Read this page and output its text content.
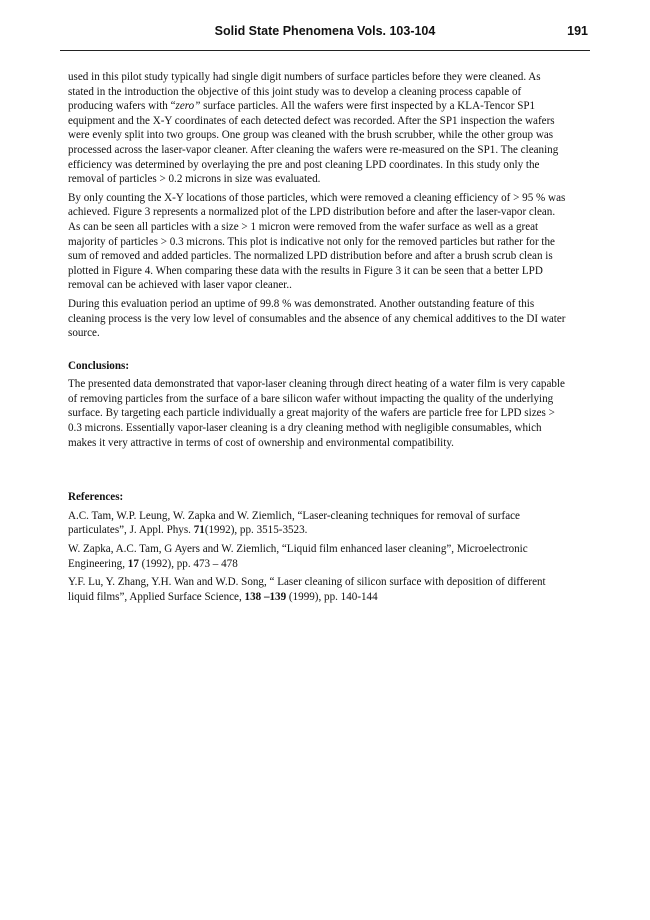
Solid State Phenomena Vols. 103-104	191

used in this pilot study typically had single digit numbers of surface particles before they were cleaned. As stated in the introduction the objective of this joint study was to develop a cleaning process capable of producing wafers with “zero” surface particles. All the wafers were first inspected by a KLA-Tencor SP1 equipment and the X-Y coordinates of each detected defect was recorded. After the SP1 inspection the wafers were evenly split into two groups. One group was cleaned with the brush scrubber, while the other group was processed across the laser-vapor cleaner. After cleaning the wafers were re-measured on the SP1. The cleaning efficiency was determined by overlaying the pre and post cleaning LPD coordinates. In this study only the removal of particles > 0.2 microns in size was evaluated.

By only counting the X-Y locations of those particles, which were removed a cleaning efficiency of > 95 % was achieved. Figure 3 represents a normalized plot of the LPD distribution before and after the laser-vapor clean. As can be seen all particles with a size > 1 micron were removed from the wafer surface as well as a great majority of particles > 0.3 microns. This plot is indicative not only for the removed particles but rather for the sum of removed and added particles. The normalized LPD distribution before and after a brush scrub clean is plotted in Figure 4. When comparing these data with the results in Figure 3 it can be seen that a better LPD removal can be achieved with laser vapor cleaner..

During this evaluation period an uptime of 99.8 % was demonstrated. Another outstanding feature of this cleaning process is the very low level of consumables and the absence of any chemical additives to the DI water source.

Conclusions:

The presented data demonstrated that vapor-laser cleaning through direct heating of a water film is very capable of removing particles from the surface of a bare silicon wafer without impacting the quality of the underlying surface. By targeting each particle individually a great majority of the wafers are particle free for LPD sizes > 0.3 microns. Essentially vapor-laser cleaning is a dry cleaning method with negligible consumables, which makes it very attractive in terms of cost of ownership and environmental compatibility.

References:

A.C. Tam, W.P. Leung, W. Zapka and W. Ziemlich, “Laser-cleaning techniques for removal of surface particulates”, J. Appl. Phys. 71(1992), pp. 3515-3523.

W. Zapka, A.C. Tam, G Ayers and W. Ziemlich, “Liquid film enhanced laser cleaning”, Microelectronic Engineering, 17 (1992), pp. 473 – 478

Y.F. Lu, Y. Zhang, Y.H. Wan and W.D. Song, “ Laser cleaning of silicon surface with deposition of different liquid films”, Applied Surface Science, 138 –139 (1999), pp. 140-144
